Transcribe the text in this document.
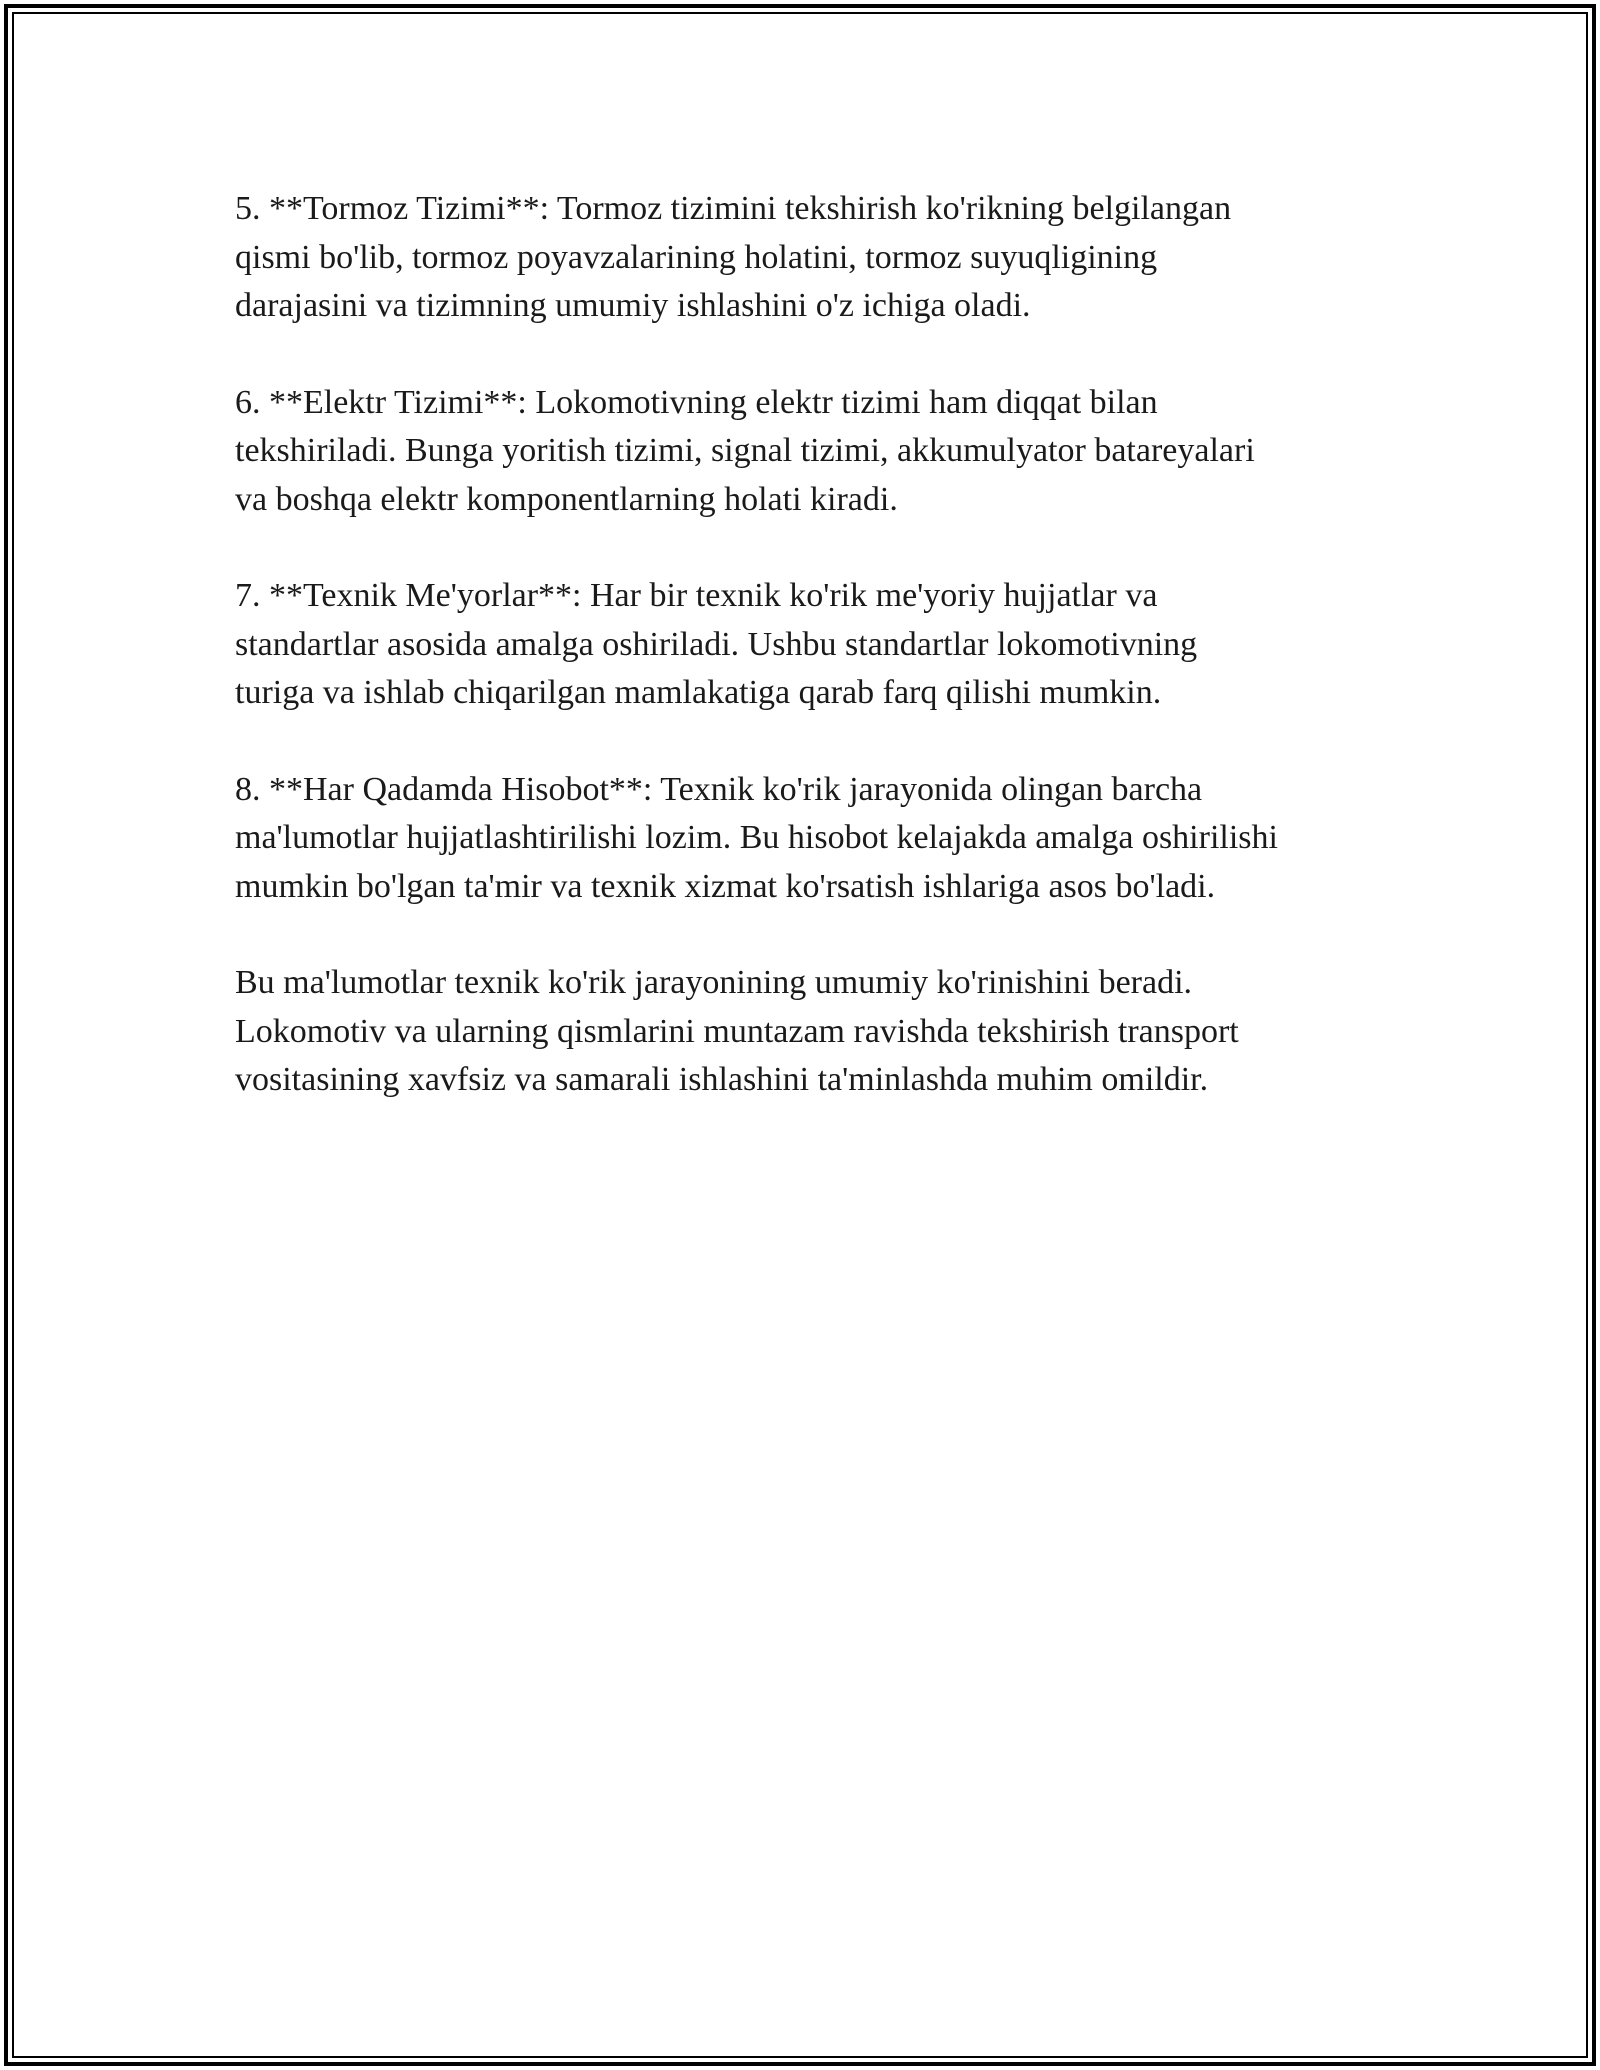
5. **Tormoz Tizimi**: Tormoz tizimini tekshirish ko'rikning belgilangan
qismi bo'lib, tormoz poyavzalarining holatini, tormoz suyuqligining
darajasini va tizimning umumiy ishlashini o'z ichiga oladi.

6. **Elektr Tizimi**: Lokomotivning elektr tizimi ham diqqat bilan
tekshiriladi. Bunga yoritish tizimi, signal tizimi, akkumulyator batareyalari
va boshqa elektr komponentlarning holati kiradi.

7. **Texnik Me'yorlar**: Har bir texnik ko'rik me'yoriy hujjatlar va
standartlar asosida amalga oshiriladi. Ushbu standartlar lokomotivning
turiga va ishlab chiqarilgan mamlakatiga qarab farq qilishi mumkin.

8. **Har Qadamda Hisobot**: Texnik ko'rik jarayonida olingan barcha
ma'lumotlar hujjatlashtirilishi lozim. Bu hisobot kelajakda amalga oshirilishi
mumkin bo'lgan ta'mir va texnik xizmat ko'rsatish ishlariga asos bo'ladi.

Bu ma'lumotlar texnik ko'rik jarayonining umumiy ko'rinishini beradi.
Lokomotiv va ularning qismlarini muntazam ravishda tekshirish transport
vositasining xavfsiz va samarali ishlashini ta'minlashda muhim omildir.
